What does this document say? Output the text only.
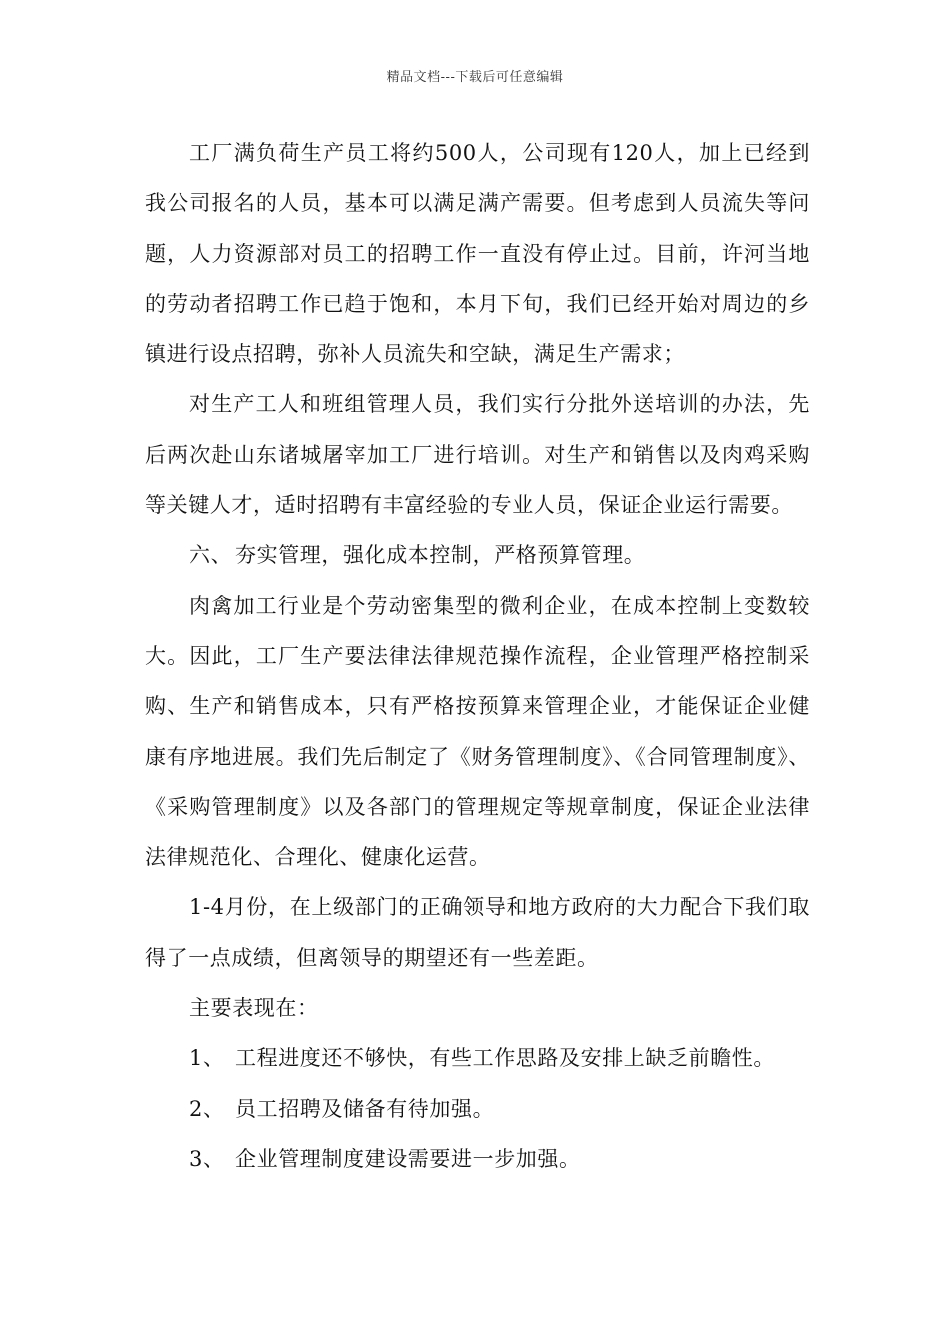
精品文档---下载后可任意编辑

工厂满负荷生产员工将约500人，公司现有120人，加上已经到我公司报名的人员，基本可以满足满产需要。但考虑到人员流失等问题，人力资源部对员工的招聘工作一直没有停止过。目前，许河当地的劳动者招聘工作已趋于饱和，本月下旬，我们已经开始对周边的乡镇进行设点招聘，弥补人员流失和空缺，满足生产需求；

对生产工人和班组管理人员，我们实行分批外送培训的办法，先后两次赴山东诸城屠宰加工厂进行培训。对生产和销售以及肉鸡采购等关键人才，适时招聘有丰富经验的专业人员，保证企业运行需要。

六、 夯实管理，强化成本控制，严格预算管理。

肉禽加工行业是个劳动密集型的微利企业，在成本控制上变数较大。因此，工厂生产要法律法律规范操作流程，企业管理严格控制采购、生产和销售成本，只有严格按预算来管理企业，才能保证企业健康有序地进展。我们先后制定了《财务管理制度》、《合同管理制度》、《采购管理制度》以及各部门的管理规定等规章制度，保证企业法律法律规范化、合理化、健康化运营。

1-4月份，在上级部门的正确领导和地方政府的大力配合下我们取得了一点成绩，但离领导的期望还有一些差距。

主要表现在：

1、 工程进度还不够快，有些工作思路及安排上缺乏前瞻性。

2、 员工招聘及储备有待加强。

3、 企业管理制度建设需要进一步加强。
